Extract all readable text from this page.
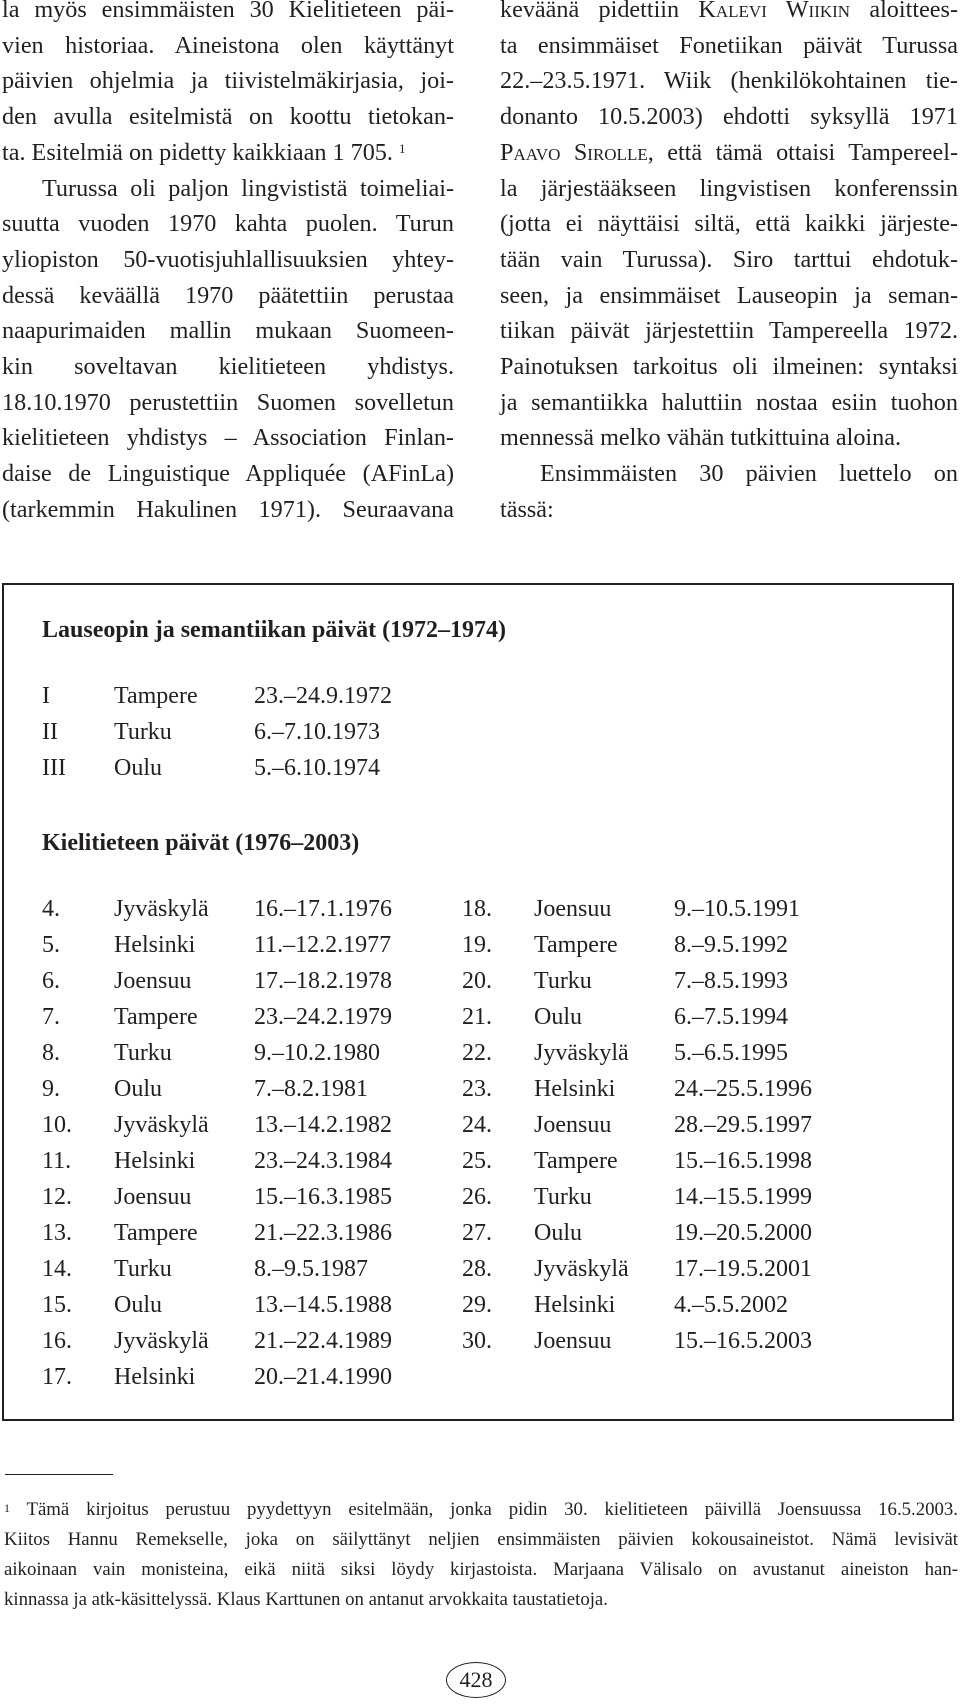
la myös ensimmäisten 30 Kielitieteen päi-
vien historiaa. Aineistona olen käyttänyt
päivien ohjelmia ja tiivistelmäkirjasia, joi-
den avulla esitelmistä on koottu tietokan-
ta. Esitelmiä on pidetty kaikkiaan 1 705. $^1$
Turussa oli paljon lingvististä toimeliai-
suutta vuoden 1970 kahta puolen. Turun
yliopiston 50-vuotisjuhlallisuuksien yhtey-
dessä keväällä 1970 päätettiin perustaa
naapurimaiden mallin mukaan Suomeen-
kin soveltavan kielitieteen yhdistys.
18.10.1970 perustettiin Suomen sovelletun
kielitieteen yhdistys – Association Finlan-
daise de Linguistique Appliquée (AFinLa)
(tarkemmin Hakulinen 1971). Seuraavana
keväänä pidettiin Kalevi Wiikin aloittees-
ta ensimmäiset Fonetiikan päivät Turussa
22.–23.5.1971. Wiik (henkilökohtainen tie-
donanto 10.5.2003) ehdotti syksyllä 1971
Paavo Sirolle, että tämä ottaisi Tampereel-
la järjestääkseen lingvistisen konferenssin
(jotta ei näyttäisi siltä, että kaikki järjeste-
tään vain Turussa). Siro tarttui ehdotuk-
seen, ja ensimmäiset Lauseopin ja seman-
tiikan päivät järjestettiin Tampereella 1972.
Painotuksen tarkoitus oli ilmeinen: syntaksi
ja semantiikka haluttiin nostaa esiin tuohon
mennessä melko vähän tutkittuina aloina.
Ensimmäisten 30 päivien luettelo on
tässä:
Lauseopin ja semantiikan päivät (1972–1974)
I	Tampere	23.–24.9.1972
II	Turku	6.–7.10.1973
III	Oulu	5.–6.10.1974
Kielitieteen päivät (1976–2003)
4.	Jyväskylä	16.–17.1.1976
5.	Helsinki	11.–12.2.1977
6.	Joensuu	17.–18.2.1978
7.	Tampere	23.–24.2.1979
8.	Turku	9.–10.2.1980
9.	Oulu	7.–8.2.1981
10.	Jyväskylä	13.–14.2.1982
11.	Helsinki	23.–24.3.1984
12.	Joensuu	15.–16.3.1985
13.	Tampere	21.–22.3.1986
14.	Turku	8.–9.5.1987
15.	Oulu	13.–14.5.1988
16.	Jyväskylä	21.–22.4.1989
17.	Helsinki	20.–21.4.1990
18.	Joensuu	9.–10.5.1991
19.	Tampere	8.–9.5.1992
20.	Turku	7.–8.5.1993
21.	Oulu	6.–7.5.1994
22.	Jyväskylä	5.–6.5.1995
23.	Helsinki	24.–25.5.1996
24.	Joensuu	28.–29.5.1997
25.	Tampere	15.–16.5.1998
26.	Turku	14.–15.5.1999
27.	Oulu	19.–20.5.2000
28.	Jyväskylä	17.–19.5.2001
29.	Helsinki	4.–5.5.2002
30.	Joensuu	15.–16.5.2003
$^1$ Tämä kirjoitus perustuu pyydettyyn esitelmään, jonka pidin 30. kielitieteen päivillä Joensuussa 16.5.2003.
Kiitos Hannu Remekselle, joka on säilyttänyt neljien ensimmäisten päivien kokousaineistot. Nämä levisivät
aikoinaan vain monisteina, eikä niitä siksi löydy kirjastoista. Marjaana Välisalo on avustanut aineiston han-
kinnassa ja atk-käsittelyssä. Klaus Karttunen on antanut arvokkaita taustatietoja.
428
